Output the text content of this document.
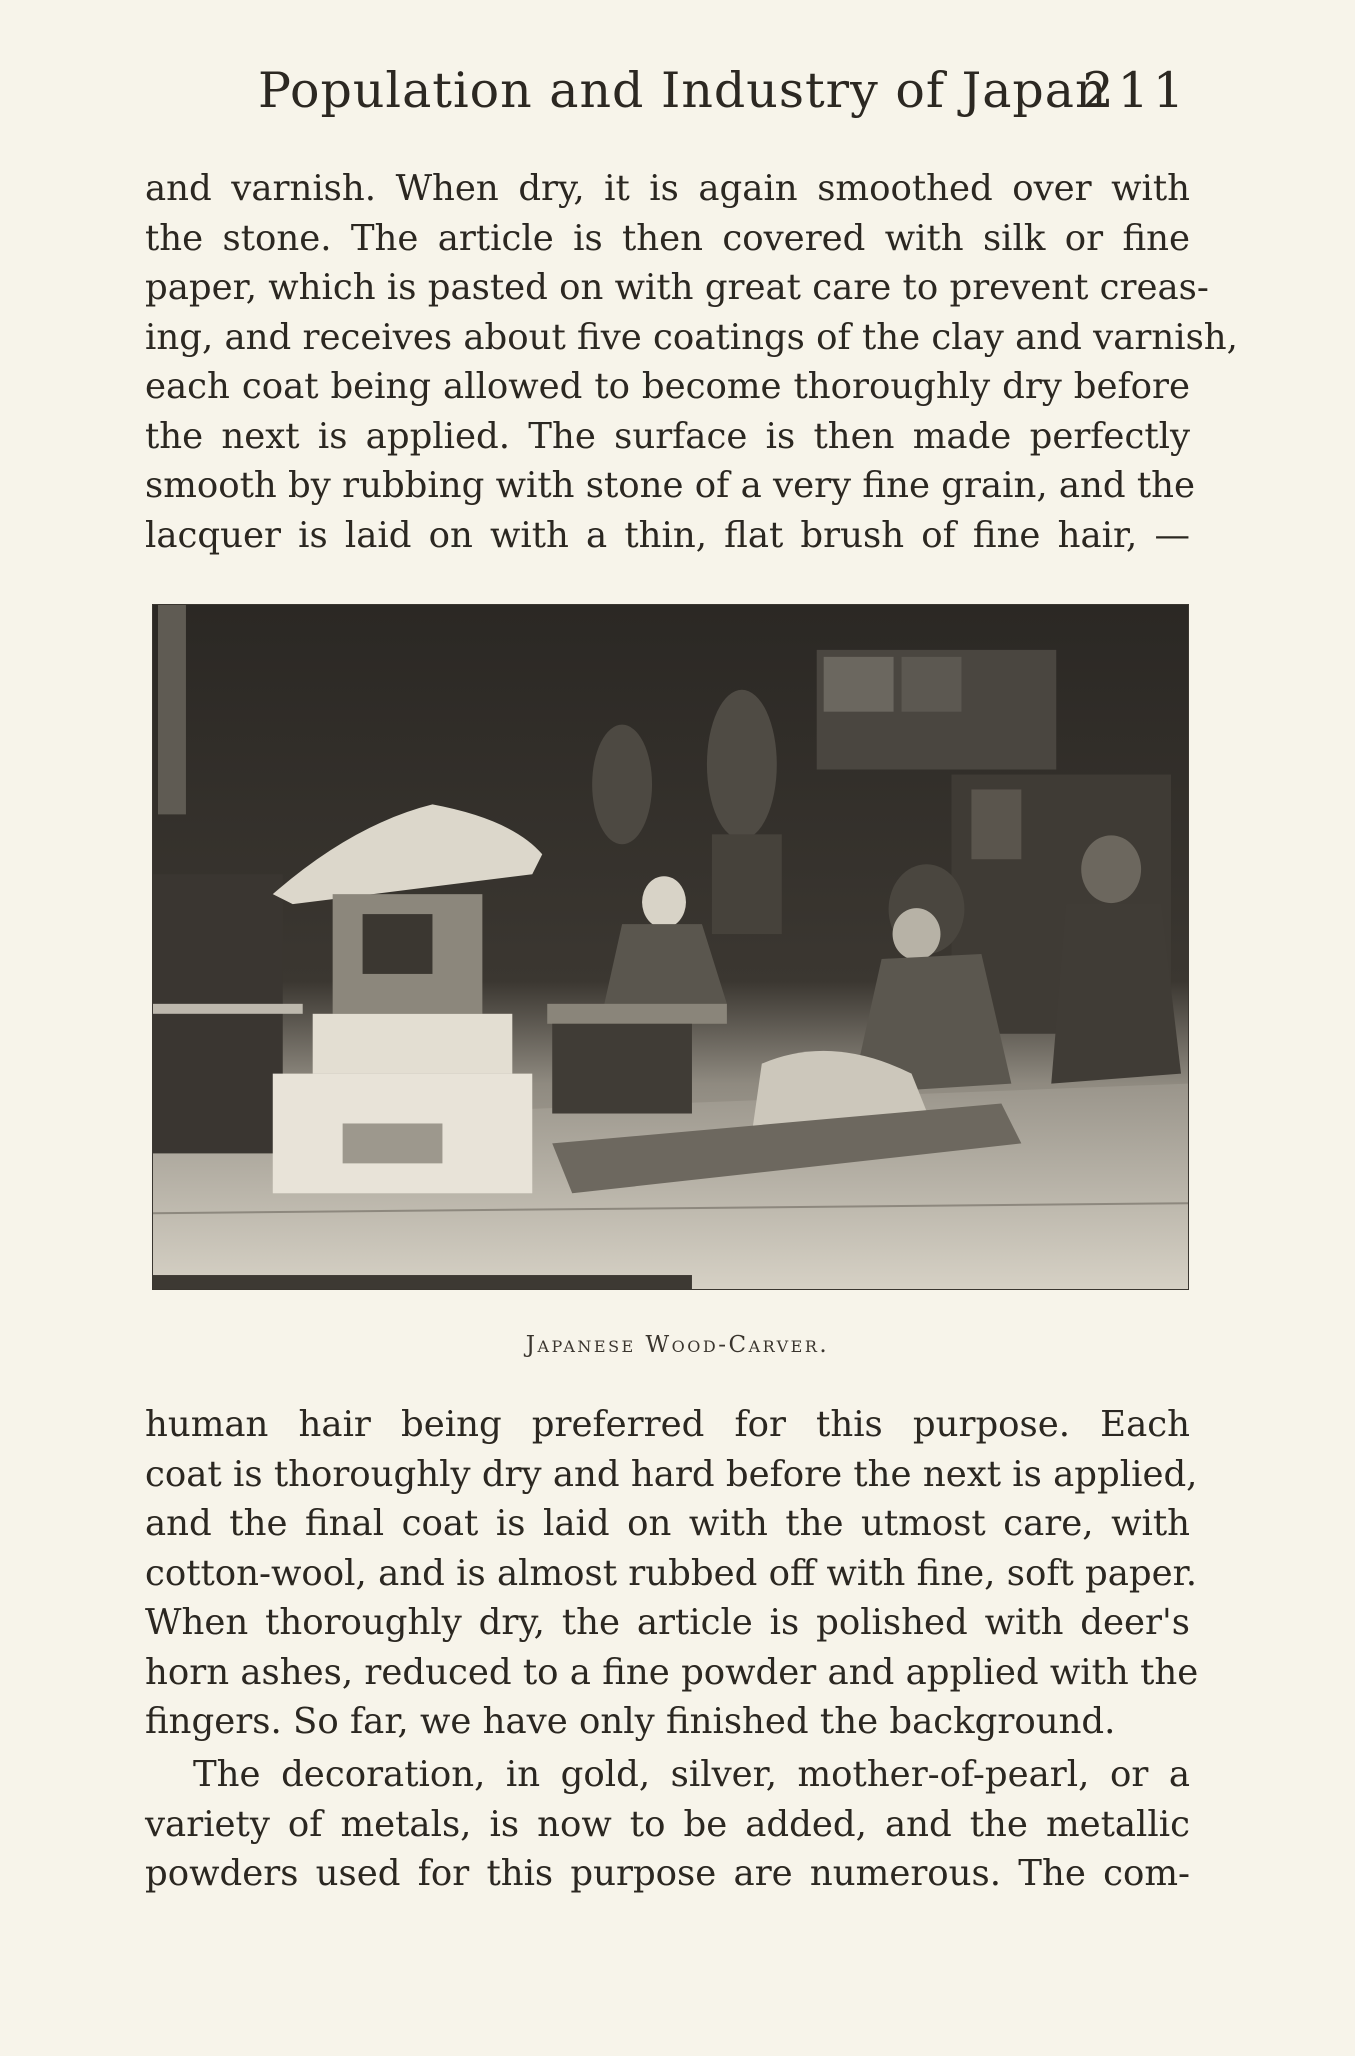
Population and Industry of Japan
211
and varnish. When dry, it is again smoothed over with
the stone. The article is then covered with silk or fine
paper, which is pasted on with great care to prevent creas-
ing, and receives about five coatings of the clay and varnish,
each coat being allowed to become thoroughly dry before
the next is applied. The surface is then made perfectly
smooth by rubbing with stone of a very fine grain, and the
lacquer is laid on with a thin, flat brush of fine hair, —
Japanese Wood-Carver.
human hair being preferred for this purpose. Each
coat is thoroughly dry and hard before the next is applied,
and the final coat is laid on with the utmost care, with
cotton-wool, and is almost rubbed off with fine, soft paper.
When thoroughly dry, the article is polished with deer's
horn ashes, reduced to a fine powder and applied with the
fingers. So far, we have only finished the background.
The decoration, in gold, silver, mother-of-pearl, or a
variety of metals, is now to be added, and the metallic
powders used for this purpose are numerous. The com-
